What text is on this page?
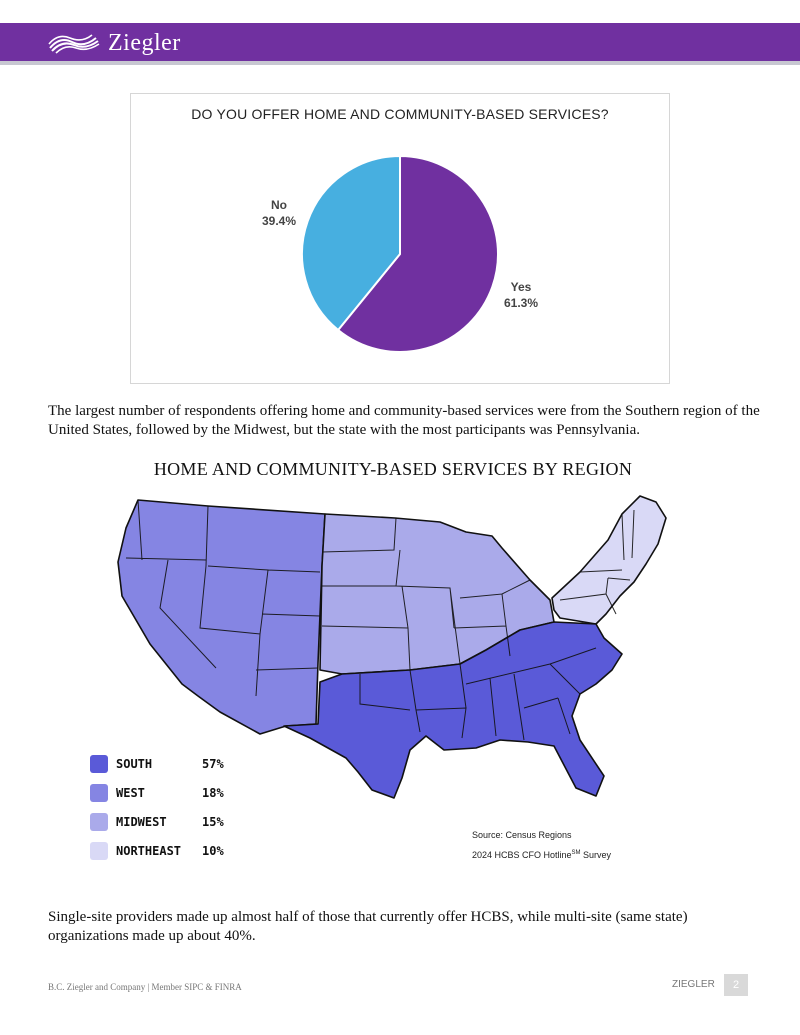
Ziegler
DO YOU OFFER HOME AND COMMUNITY-BASED SERVICES?
No
39.4%
Yes
61.3%
The largest number of respondents offering home and community-based services were from the Southern region of the United States, followed by the Midwest, but the state with the most participants was Pennsylvania.
HOME AND COMMUNITY-BASED SERVICES BY REGION
SOUTH	57%
WEST	18%
MIDWEST	15%
NORTHEAST	10%
Source: Census Regions
2024 HCBS CFO Hotline℠ Survey
Single-site providers made up almost half of those that currently offer HCBS, while multi-site (same state) organizations made up about 40%.
B.C. Ziegler and Company | Member SIPC & FINRA	ZIEGLER	2
